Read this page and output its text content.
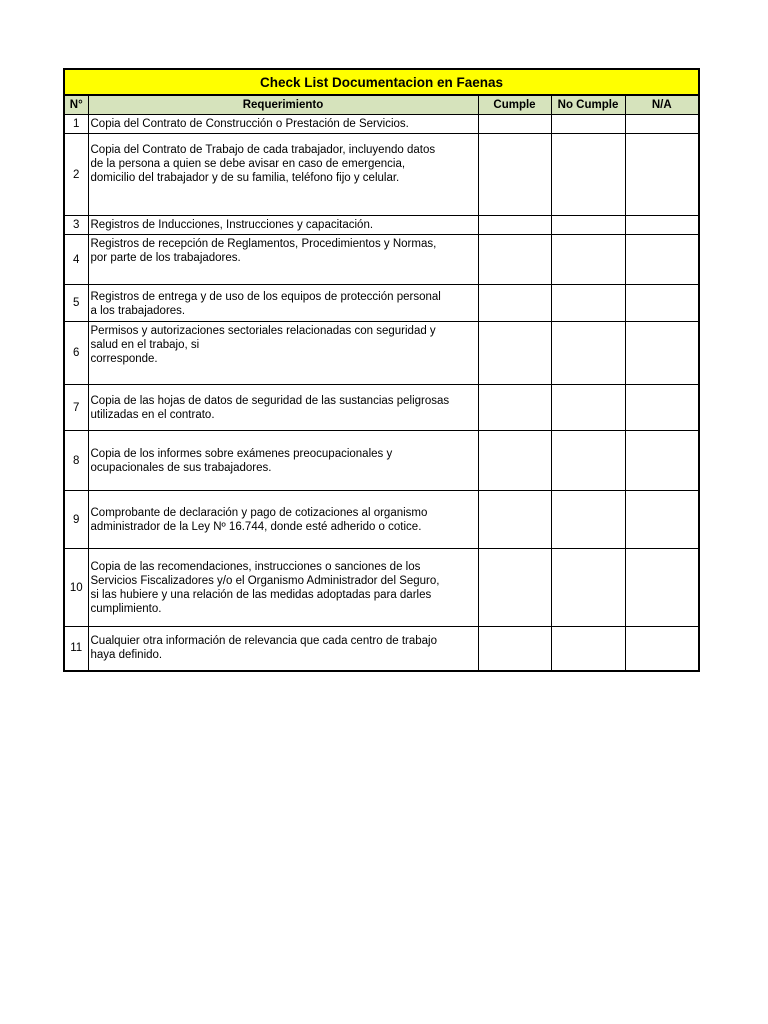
Check List Documentacion en Faenas				
N°	Requerimiento	Cumple	No Cumple	N/A
1	Copia del Contrato de Construcción o Prestación de Servicios.			
2	Copia del Contrato de Trabajo de cada trabajador, incluyendo datos
de la persona a quien se debe avisar en caso de emergencia,
domicilio del trabajador y de su familia, teléfono fijo y celular.			
3	Registros de Inducciones, Instrucciones y capacitación.			
4	Registros de recepción de Reglamentos, Procedimientos y Normas,
por parte de los trabajadores.			
5	Registros de entrega y de uso de los equipos de protección personal
a los trabajadores.			
6	Permisos y autorizaciones sectoriales relacionadas con seguridad y
salud en el trabajo, si
corresponde.			
7	Copia de las hojas de datos de seguridad de las sustancias peligrosas
utilizadas en el contrato.			
8	Copia de los informes sobre exámenes preocupacionales y
ocupacionales de sus trabajadores.			
9	Comprobante de declaración y pago de cotizaciones al organismo
administrador de la Ley Nº 16.744, donde esté adherido o cotice.			
10	Copia de las recomendaciones, instrucciones o sanciones de los
Servicios Fiscalizadores y/o el Organismo Administrador del Seguro,
si las hubiere y una relación de las medidas adoptadas para darles
cumplimiento.			
11	Cualquier otra información de relevancia que cada centro de trabajo
haya definido.			
